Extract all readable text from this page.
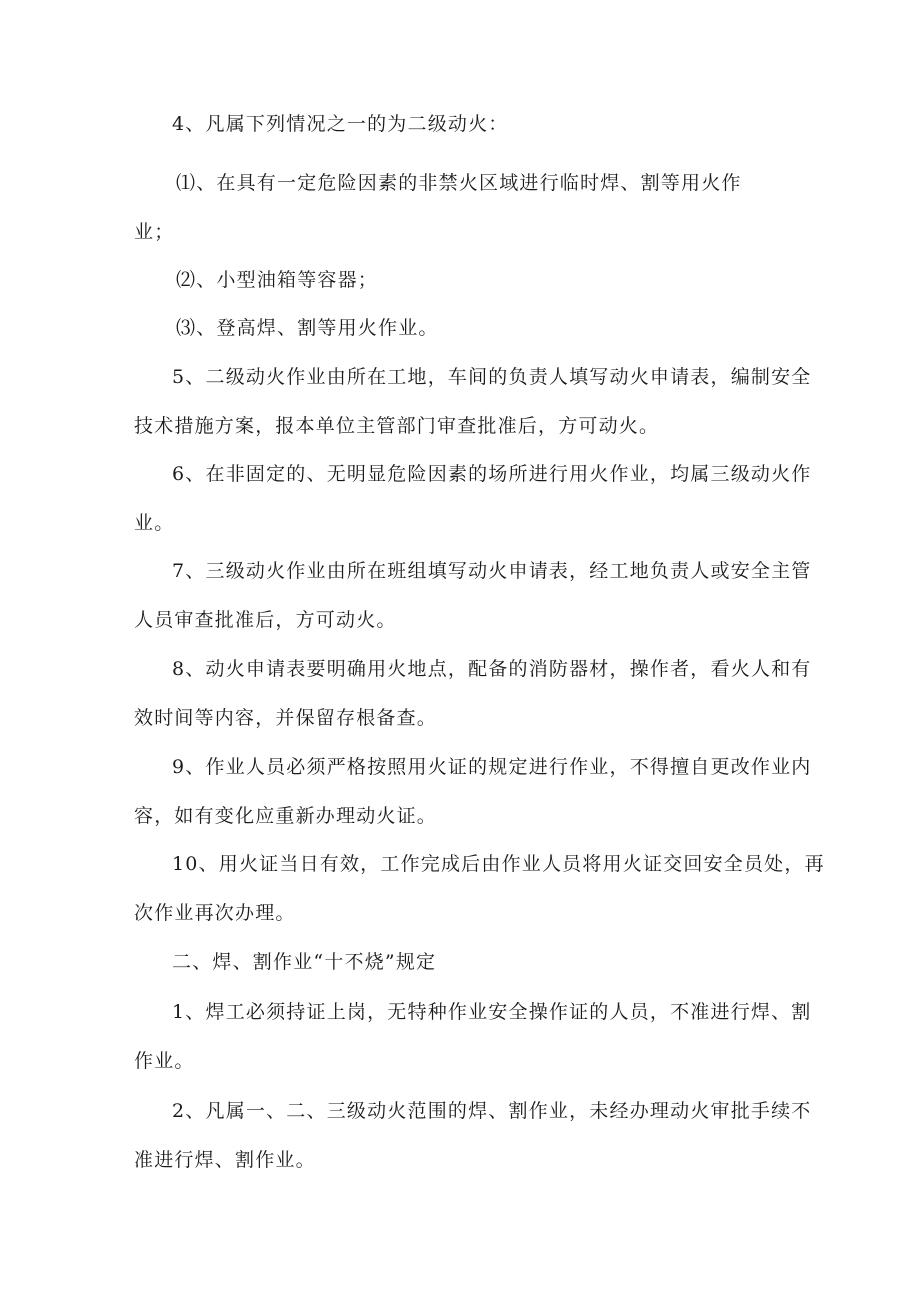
4、凡属下列情况之一的为二级动火：

⑴、在具有一定危险因素的非禁火区域进行临时焊、割等用火作
业；

⑵、小型油箱等容器；

⑶、登高焊、割等用火作业。

5、二级动火作业由所在工地，车间的负责人填写动火申请表，编制安全
技术措施方案，报本单位主管部门审查批准后，方可动火。

6、在非固定的、无明显危险因素的场所进行用火作业，均属三级动火作
业。

7、三级动火作业由所在班组填写动火申请表，经工地负责人或安全主管
人员审查批准后，方可动火。

8、动火申请表要明确用火地点，配备的消防器材，操作者，看火人和有
效时间等内容，并保留存根备查。

9、作业人员必须严格按照用火证的规定进行作业，不得擅自更改作业内
容，如有变化应重新办理动火证。

10、用火证当日有效，工作完成后由作业人员将用火证交回安全员处，再
次作业再次办理。

二、焊、割作业“十不烧”规定

1、焊工必须持证上岗，无特种作业安全操作证的人员，不准进行焊、割
作业。

2、凡属一、二、三级动火范围的焊、割作业，未经办理动火审批手续不
准进行焊、割作业。
